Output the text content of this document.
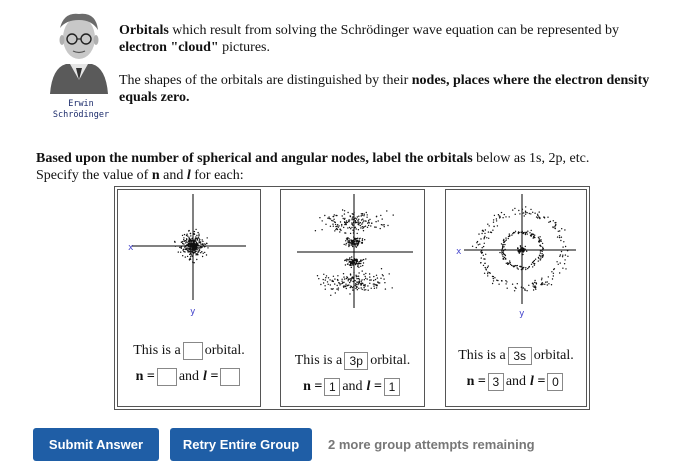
Erwin
Schrödinger

Orbitals which result from solving the Schrödinger wave equation can be represented by electron "cloud" pictures.

The shapes of the orbitals are distinguished by their nodes, places where the electron density equals zero.

Based upon the number of spherical and angular nodes, label the orbitals below as 1s, 2p, etc.

Specify the value of n and l for each:

x
y
This is a orbital.
n = and l =
This is a 3p orbital.
n = 1 and l = 1
x
y
This is a 3s orbital.
n = 3 and l = 0
Submit Answer	Retry Entire Group	2 more group attempts remaining
